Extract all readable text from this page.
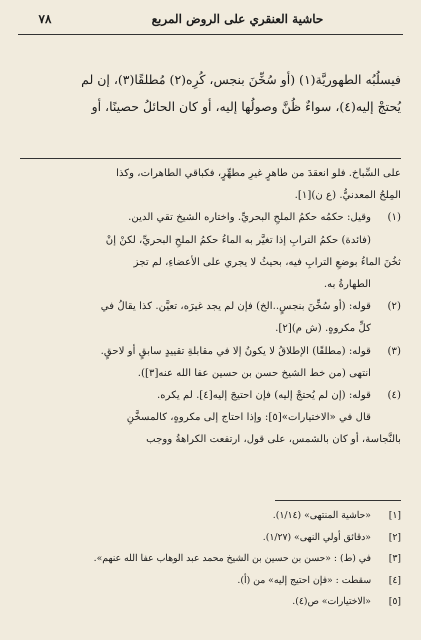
حاشية العنقري على الروض المربع
٧٨

فيسلُبُه الطهوريَّة(١) (أو سُخِّنَ بنجس، كُرِه(٢) مُطلقًا(٣)، إن لم

يُحتجْ إليه(٤)، سواءٌ ظُنَّ وصولُها إليه، أو كان الحائلُ حصينًا، أو

على السِّباخ. فلو انعقدَ من طاهرٍ غيرِ مطهِّرٍ، فكباقي الطاهرات، وكذا

المِلحُ المعدنيُّ. (ع ن)[١].

(١)

وقيل: حكمُه حكمُ الملحِ البحريِّ. واختاره الشيخ تقي الدين.

(فائدة) حكمُ الترابِ إذا تغيَّر به الماءُ حكمُ الملحِ البحريِّ، لكنْ إنْ

ثخُنَ الماءُ بوضعِ الترابِ فيه، بحيثُ لا يجري على الأعضاءِ، لم تجز

الطهارةُ به.

(٢)

قوله: (أو سُخِّنَ بنجسٍ..الخ) فإن لم يجد غيرَه، تعيَّن. كذا يقالُ في

كلِّ مكروهٍ. (ش م)[٢].

(٣)

قوله: (مطلقًا) الإطلاقُ لا يكونُ إلا في مقابلةِ تقييدٍ سابقٍ أو لاحقٍ.

انتهى (من خط الشيخ حسن بن حسين عفا الله عنه[٣]).

(٤)

قوله: (إن لم يُحتجْ إليه) فإن احتيجَ إليه[٤]. لم يكره.

قال في «الاختيارات»[٥]: وإذا احتاج إلى مكروهٍ، كالمسخَّنِ

بالنَّجاسة، أو كان بالشمس، على قول، ارتفعت الكراهةُ ووجب

[١]
«حاشية المنتهى» (١/١٤).
[٢]
«دقائق أولي النهى» (١/٢٧).
[٣]
في (ط) : «حسن بن حسين بن الشيخ محمد عبد الوهاب عفا الله عنهم».
[٤]
سقطت : «فإن احتيج إليه» من (أ).
[٥]
«الاختيارات» ص(٤).
